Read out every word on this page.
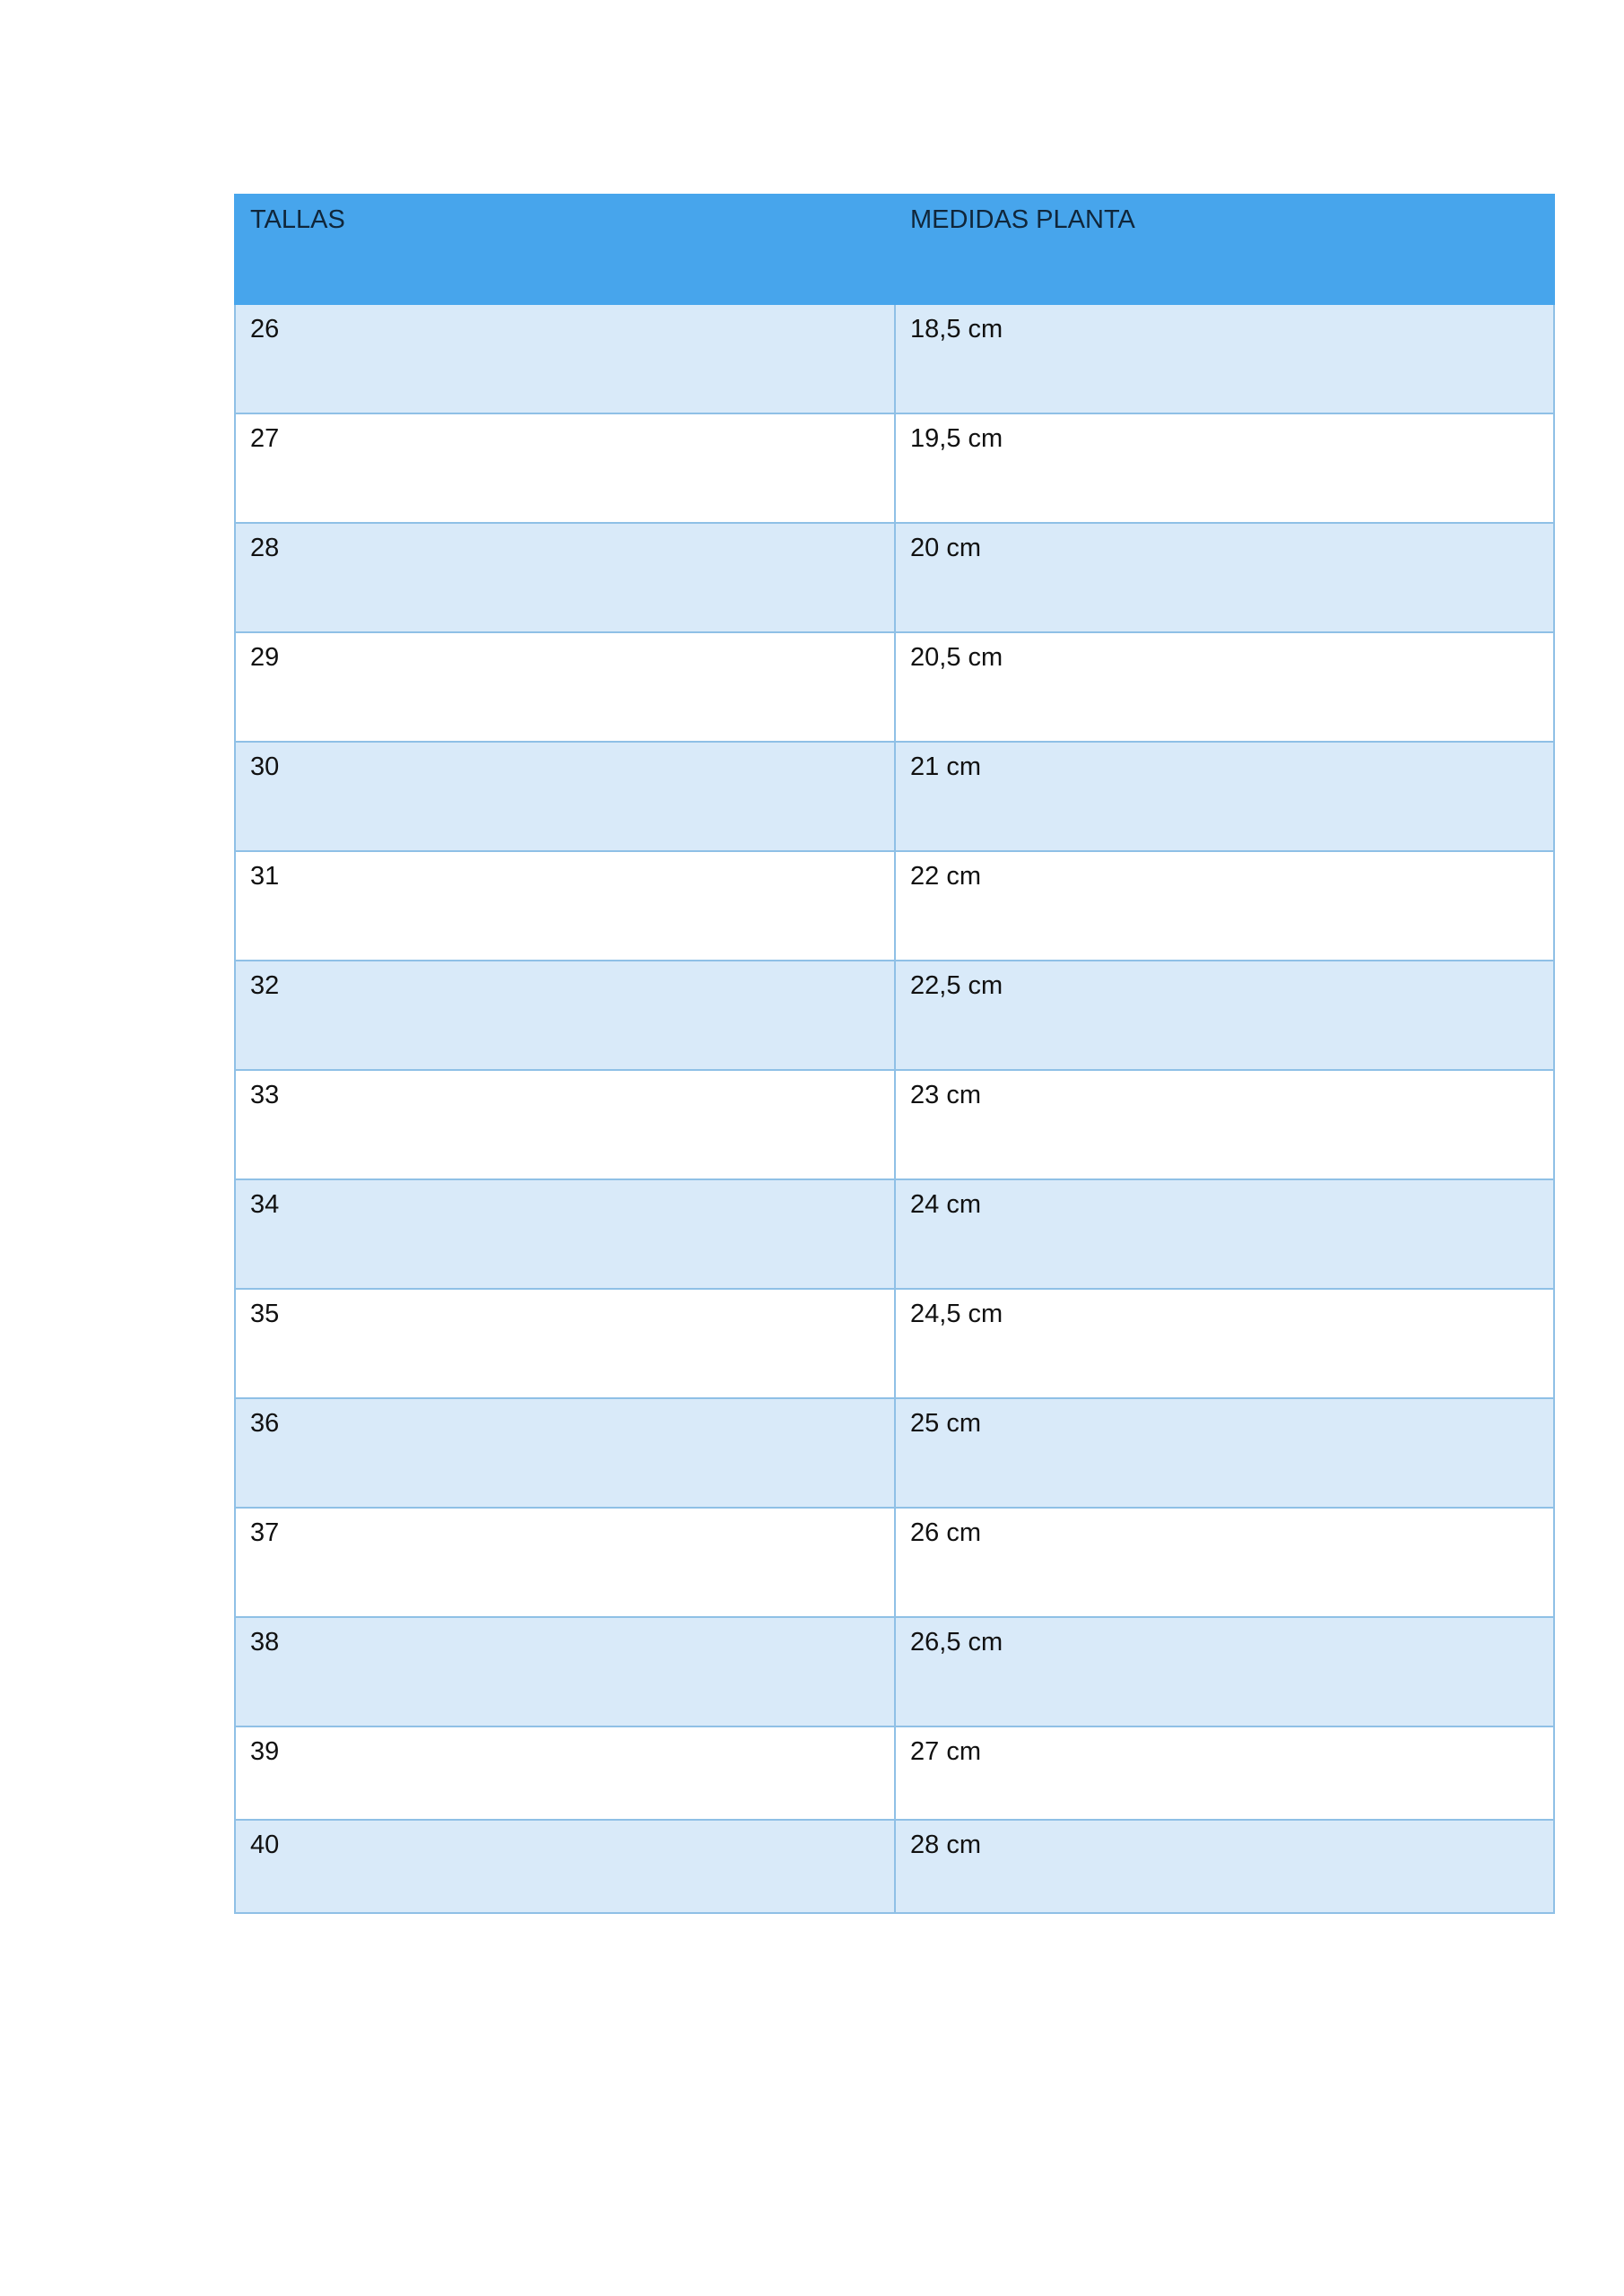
TALLAS	MEDIDAS PLANTA
26	18,5 cm
27	19,5 cm
28	20 cm
29	20,5 cm
30	21 cm
31	22 cm
32	22,5 cm
33	23 cm
34	24 cm
35	24,5 cm
36	25 cm
37	26 cm
38	26,5 cm
39	27 cm
40	28 cm
